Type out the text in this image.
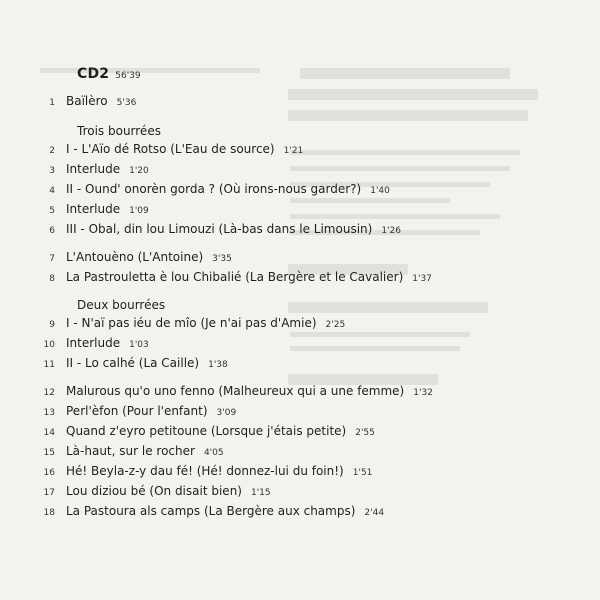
CD2 56'39
1 Baïlèro 5'36
Trois bourrées
2 I - L'Aïo dé Rotso (L'Eau de source) 1'21
3 Interlude 1'20
4 II - Ound' onorèn gorda ? (Où irons-nous garder?) 1'40
5 Interlude 1'09
6 III - Obal, din lou Limouzi (Là-bas dans le Limousin) 1'26
7 L'Antouèno (L'Antoine) 3'35
8 La Pastrouletta è lou Chibalié (La Bergère et le Cavalier) 1'37
Deux bourrées
9 I - N'aï pas iéu de mîo (Je n'ai pas d'Amie) 2'25
10 Interlude 1'03
11 II - Lo calhé (La Caille) 1'38
12 Malurous qu'o uno fenno (Malheureux qui a une femme) 1'32
13 Perl'èfon (Pour l'enfant) 3'09
14 Quand z'eyro petitoune (Lorsque j'étais petite) 2'55
15 Là-haut, sur le rocher 4'05
16 Hé! Beyla-z-y dau fé! (Hé! donnez-lui du foin!) 1'51
17 Lou diziou bé (On disait bien) 1'15
18 La Pastoura als camps (La Bergère aux champs) 2'44
